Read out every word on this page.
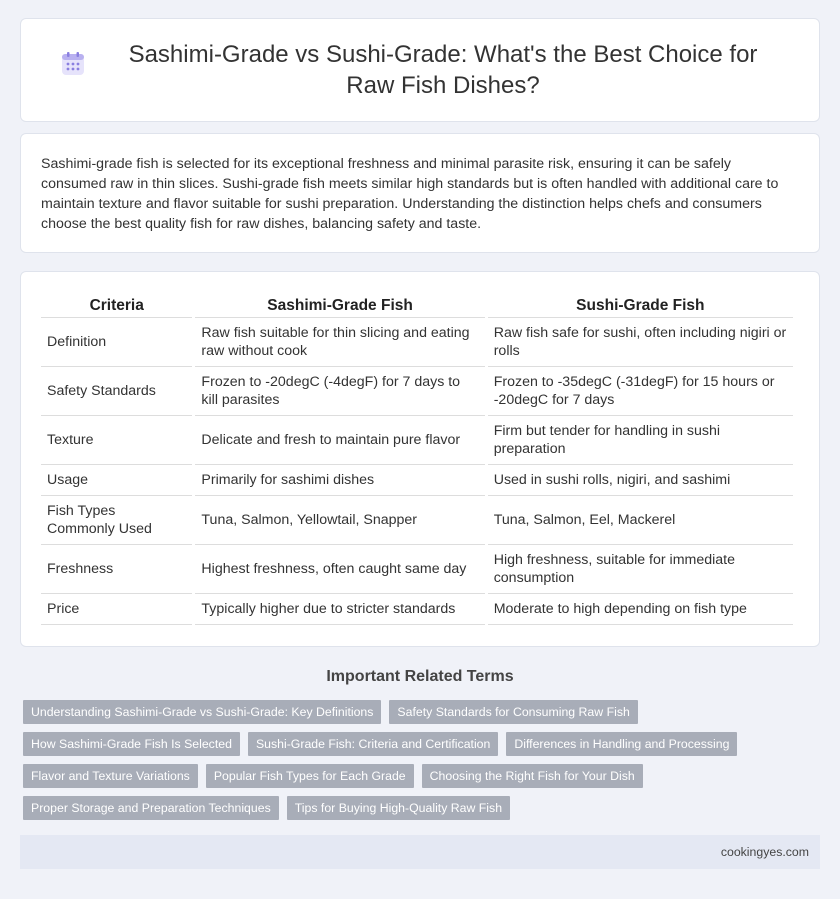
Sashimi-Grade vs Sushi-Grade: What's the Best Choice for Raw Fish Dishes?

Sashimi-grade fish is selected for its exceptional freshness and minimal parasite risk, ensuring it can be safely consumed raw in thin slices. Sushi-grade fish meets similar high standards but is often handled with additional care to maintain texture and flavor suitable for sushi preparation. Understanding the distinction helps chefs and consumers choose the best quality fish for raw dishes, balancing safety and taste.

Criteria	Sashimi-Grade Fish	Sushi-Grade Fish
Definition	Raw fish suitable for thin slicing and eating raw without cook	Raw fish safe for sushi, often including nigiri or rolls
Safety Standards	Frozen to -20degC (-4degF) for 7 days to kill parasites	Frozen to -35degC (-31degF) for 15 hours or -20degC for 7 days
Texture	Delicate and fresh to maintain pure flavor	Firm but tender for handling in sushi preparation
Usage	Primarily for sashimi dishes	Used in sushi rolls, nigiri, and sashimi
Fish Types Commonly Used	Tuna, Salmon, Yellowtail, Snapper	Tuna, Salmon, Eel, Mackerel
Freshness	Highest freshness, often caught same day	High freshness, suitable for immediate consumption
Price	Typically higher due to stricter standards	Moderate to high depending on fish type
Important Related Terms
Understanding Sashimi-Grade vs Sushi-Grade: Key Definitions	Safety Standards for Consuming Raw Fish
How Sashimi-Grade Fish Is Selected	Sushi-Grade Fish: Criteria and Certification	Differences in Handling and Processing
Flavor and Texture Variations	Popular Fish Types for Each Grade	Choosing the Right Fish for Your Dish
Proper Storage and Preparation Techniques	Tips for Buying High-Quality Raw Fish
cookingyes.com
